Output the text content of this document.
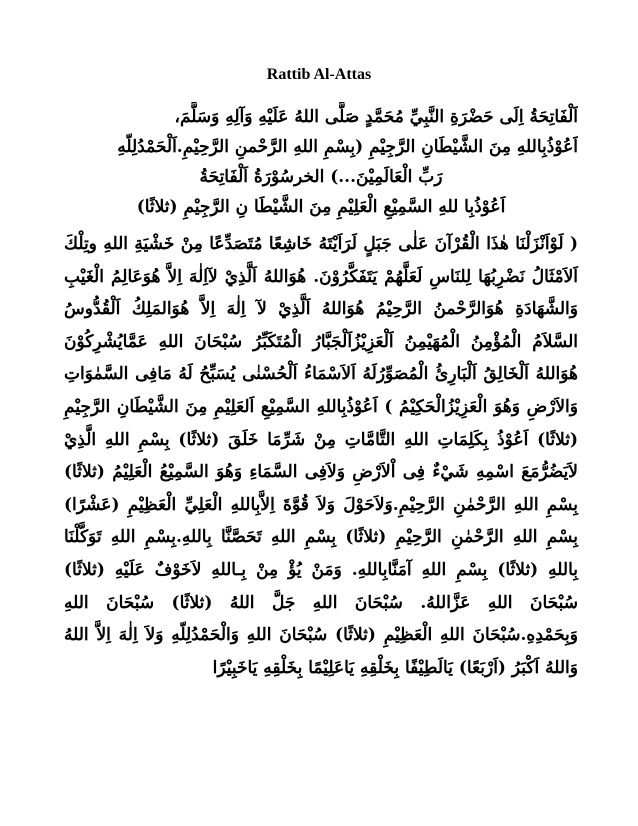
Rattib Al-Attas

اَلْفَاتِحَةُ اِلَى حَضْرَةِ النَّبِيِّ مُحَمَّدٍ صَلَّى اللهُ عَلَيْهِ وَآلِهِ وَسَلَّمَ،
اَعُوْذُبِاللهِ مِنَ الشَّيْطَانِ الرَّجِيْمِ (بِسْمِ اللهِ الرَّحْمنِ الرَّحِيْمِ.اَلْحَمْدُلِلّهِ
رَبِّ الْعَالَمِيْنَ...) الخرسُوْرَةُ اَلْفَاتِحَةُ
اَعُوْذُبِا للهِ السَّمِيْعِ الْعَلِيْمِ مِنَ الشَّيْطَا نِ الرَّجِيْمِ (ثلاثًا)

( لَوْاَنْزَلْنَا هٰذَا الْقُرْآنَ عَلٰى جَبَلٍ لَرَاَيْتَهُ خَاشِعًا مُتَصَدِّعًا مِنْ خَشْيَةِ اللهِ وتِلْكَ اَلاَمْثَالُ نَضْرِبُهَا لِلنَاسِ لَعَلَّهُمْ يَتَفَكَّرُوْنَ. هُوَاللهُ اَلَّذِيْ لآاِلٰهَ اِلاَّ هُوَعَالِمُ الْغَيْبِ وَالشَّهَادَةِ هُوَالرَّحْمنُ الرَّحِيْمُ هُوَاللهُ اَلَّذِيْ لآ اِلٰهَ اِلاَّ هُوَالمَلِكُ اَلْقُدُّوسُ السَّلاَمُ الْمُؤْمِنُ الْمُهَيْمِنُ اَلْعَزِيْزُاَلْجَبَّارُ الْمُتَكَبِّرُ سُبْحَانَ اللهِ عَمَّايُشْرِكُوْنَ هُوَاللهُ اَلْخَالِقُ اَلْبَارِئُ الْمُصَوِّرُلَهُ اَلاَسْمَاءُ اَلْحُسْنٰى يُسَبِّحُ لَهُ مَافِى السَّمٰوَاتِ وَالاَرْضِ وَهُوَ الْعَزِيْزُالْحَكِيْمُ ) اَعُوْذُبِاللهِ السَّمِيْعِ اَلعَلِيْمِ مِنَ الشَّيْطَانِ الرَّجِيْمِ (ثلاثًا) اَعُوْذُ بِكَلِمَاتِ اللهِ التَّامَّاتِ مِنْ شَرِّمَا خَلَقَ (ثلاثًا) بِسْمِ اللهِ الَّذِيْ لاَيَضُرُّمَعَ اسْمِهِ شَيْءٌ فِى اْلاَرْضِ وَلاَفِى السَّمَاءِ وَهُوَ السَّمِيْعُ الْعَلِيْمُ (ثلاثًا) بِسْمِ اللهِ الرَّحْمٰنِ الرَّحِيْمِ.وَلاَحَوْلَ وَلاَ قُوَّةَ اِلاَّبِاللهِ الْعَلِيِّ الْعَظِيْمِ (عَشْرًا) بِسْمِ اللهِ الرَّحْمٰنِ الرَّحِيْمِ (ثلاثًا) بِسْمِ اللهِ تَحَصَّنَّا بِاللهِ.بِسْمِ اللهِ تَوَكَّلْنَا بِاللهِ (ثلاثًا) بِسْمِ اللهِ آمَنَّابِاللهِ. وَمَنْ يُؤْ مِنْ بِـاللهِ لاَخَوْفٌ عَلَيْهِ (ثلاثًا) سُبْحَانَ اللهِ عَزَّاللهُ. سُبْحَانَ اللهِ جَلَّ اللهُ (ثلاثًا) سُبْحَانَ اللهِ وَبِحَمْدِهِ.سُبْحَانَ اللهِ الْعَظِيْمِ (ثلاثًا) سُبْحَانَ اللهِ وَالْحَمْدُلِلّهِ وَلاَ اِلٰهَ اِلاَّ اللهُ وَاللهُ اَكْبَرُ (اَرْبَعًا) يَالَطِيْفًا بِخَلْقِهِ يَاعَلِيْمًا بِخَلْقِهِ يَاخَبِيْرًا
